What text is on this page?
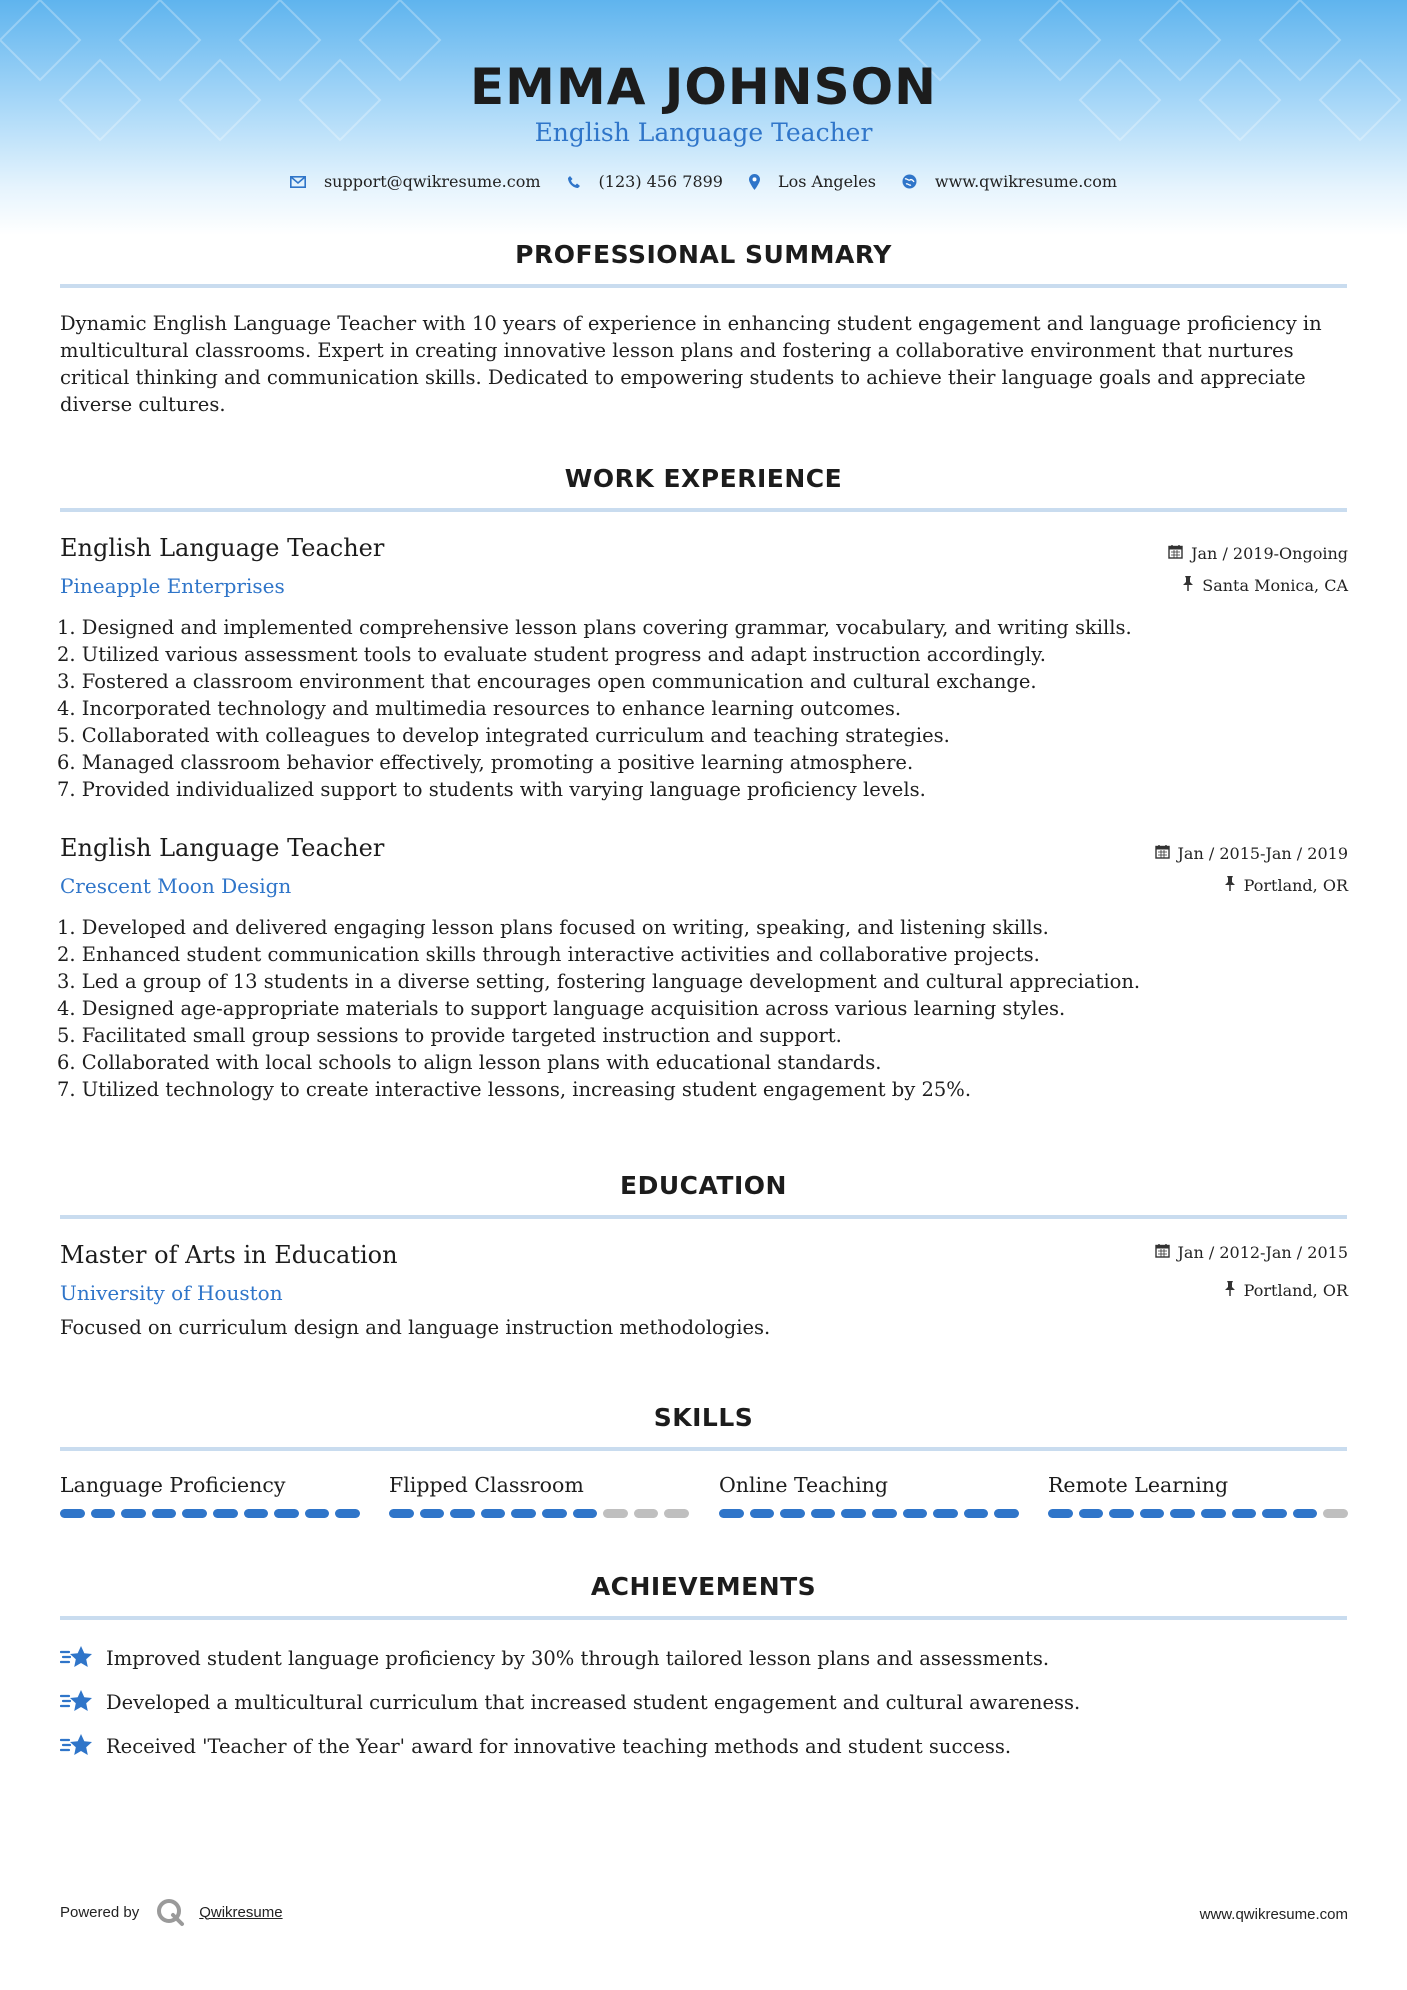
EMMA JOHNSON
English Language Teacher
support@qwikresume.com	(123) 456 7899	Los Angeles	www.qwikresume.com
PROFESSIONAL SUMMARY
Dynamic English Language Teacher with 10 years of experience in enhancing student engagement and language proficiency in multicultural classrooms. Expert in creating innovative lesson plans and fostering a collaborative environment that nurtures critical thinking and communication skills. Dedicated to empowering students to achieve their language goals and appreciate diverse cultures.
WORK EXPERIENCE
English Language Teacher	Jan / 2019-Ongoing
Pineapple Enterprises	Santa Monica, CA
1. Designed and implemented comprehensive lesson plans covering grammar, vocabulary, and writing skills.
2. Utilized various assessment tools to evaluate student progress and adapt instruction accordingly.
3. Fostered a classroom environment that encourages open communication and cultural exchange.
4. Incorporated technology and multimedia resources to enhance learning outcomes.
5. Collaborated with colleagues to develop integrated curriculum and teaching strategies.
6. Managed classroom behavior effectively, promoting a positive learning atmosphere.
7. Provided individualized support to students with varying language proficiency levels.
English Language Teacher	Jan / 2015-Jan / 2019
Crescent Moon Design	Portland, OR
1. Developed and delivered engaging lesson plans focused on writing, speaking, and listening skills.
2. Enhanced student communication skills through interactive activities and collaborative projects.
3. Led a group of 13 students in a diverse setting, fostering language development and cultural appreciation.
4. Designed age-appropriate materials to support language acquisition across various learning styles.
5. Facilitated small group sessions to provide targeted instruction and support.
6. Collaborated with local schools to align lesson plans with educational standards.
7. Utilized technology to create interactive lessons, increasing student engagement by 25%.
EDUCATION
Master of Arts in Education	Jan / 2012-Jan / 2015
University of Houston	Portland, OR
Focused on curriculum design and language instruction methodologies.
SKILLS
Language Proficiency	Flipped Classroom	Online Teaching	Remote Learning
ACHIEVEMENTS
Improved student language proficiency by 30% through tailored lesson plans and assessments.
Developed a multicultural curriculum that increased student engagement and cultural awareness.
Received 'Teacher of the Year' award for innovative teaching methods and student success.
Powered by	Qwikresume	www.qwikresume.com
